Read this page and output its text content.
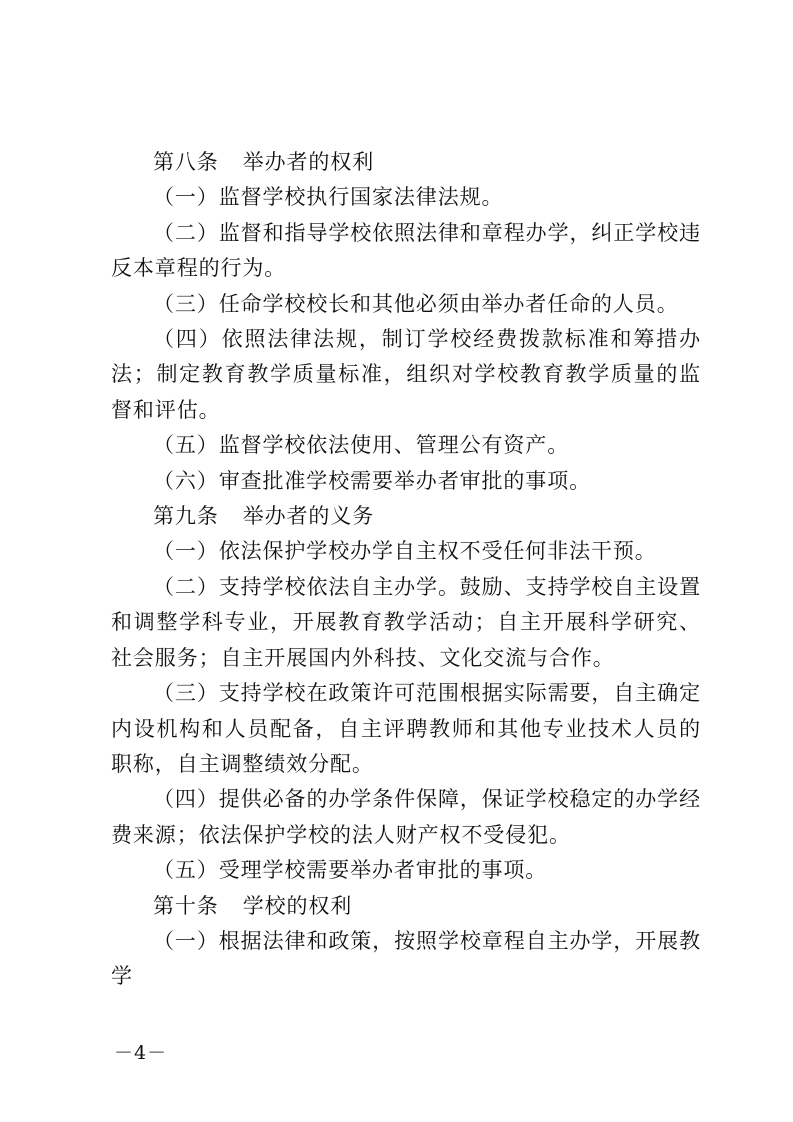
第八条 举办者的权利

（一）监督学校执行国家法律法规。

（二）监督和指导学校依照法律和章程办学，纠正学校违反本章程的行为。

（三）任命学校校长和其他必须由举办者任命的人员。

（四）依照法律法规，制订学校经费拨款标准和筹措办法；制定教育教学质量标准，组织对学校教育教学质量的监督和评估。

（五）监督学校依法使用、管理公有资产。

（六）审查批准学校需要举办者审批的事项。

第九条 举办者的义务

（一）依法保护学校办学自主权不受任何非法干预。

（二）支持学校依法自主办学。鼓励、支持学校自主设置和调整学科专业，开展教育教学活动；自主开展科学研究、社会服务；自主开展国内外科技、文化交流与合作。

（三）支持学校在政策许可范围根据实际需要，自主确定内设机构和人员配备，自主评聘教师和其他专业技术人员的职称，自主调整绩效分配。

（四）提供必备的办学条件保障，保证学校稳定的办学经费来源；依法保护学校的法人财产权不受侵犯。

（五）受理学校需要举办者审批的事项。

第十条 学校的权利

（一）根据法律和政策，按照学校章程自主办学，开展教学

－4－
